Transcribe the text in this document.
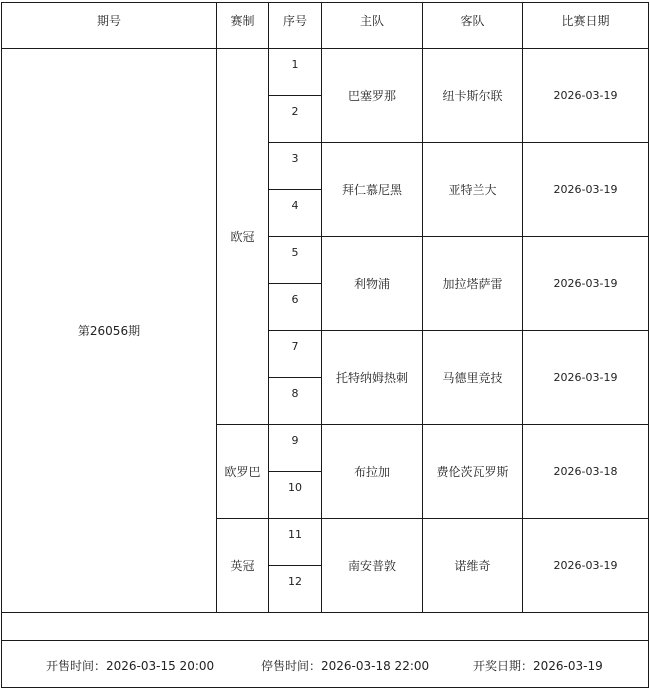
期号	赛制	序号	主队	客队	比赛日期
第26056期	欧冠	1	巴塞罗那	纽卡斯尔联	2026-03-19
		2			
		3	拜仁慕尼黑	亚特兰大	2026-03-19
		4			
		5	利物浦	加拉塔萨雷	2026-03-19
		6			
		7	托特纳姆热刺	马德里竞技	2026-03-19
		8			
	欧罗巴	9	布拉加	费伦茨瓦罗斯	2026-03-18
		10			
	英冠	11	南安普敦	诺维奇	2026-03-19
		12			

开售时间：2026-03-15 20:00 停售时间：2026-03-18 22:00 开奖日期：2026-03-19					
